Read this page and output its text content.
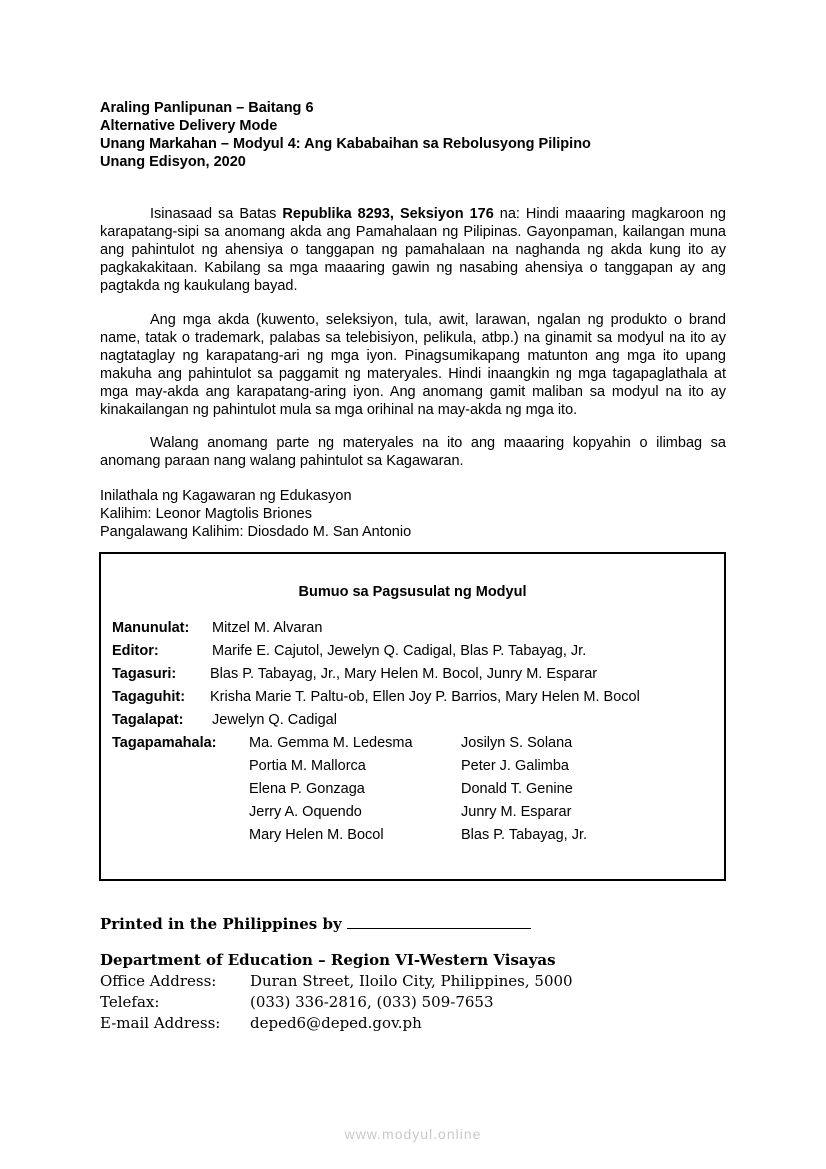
Araling Panlipunan – Baitang 6
Alternative Delivery Mode
Unang Markahan – Modyul 4: Ang Kababaihan sa Rebolusyong Pilipino
Unang Edisyon, 2020
Isinasaad sa Batas Republika 8293, Seksiyon 176 na: Hindi maaaring magkaroon ng karapatang-sipi sa anomang akda ang Pamahalaan ng Pilipinas. Gayonpaman, kailangan muna ang pahintulot ng ahensiya o tanggapan ng pamahalaan na naghanda ng akda kung ito ay pagkakakitaan. Kabilang sa mga maaaring gawin ng nasabing ahensiya o tanggapan ay ang pagtakda ng kaukulang bayad.
Ang mga akda (kuwento, seleksiyon, tula, awit, larawan, ngalan ng produkto o brand name, tatak o trademark, palabas sa telebisiyon, pelikula, atbp.) na ginamit sa modyul na ito ay nagtataglay ng karapatang-ari ng mga iyon. Pinagsumikapang matunton ang mga ito upang makuha ang pahintulot sa paggamit ng materyales. Hindi inaangkin ng mga tagapaglathala at mga may-akda ang karapatang-aring iyon. Ang anomang gamit maliban sa modyul na ito ay kinakailangan ng pahintulot mula sa mga orihinal na may-akda ng mga ito.
Walang anomang parte ng materyales na ito ang maaaring kopyahin o ilimbag sa anomang paraan nang walang pahintulot sa Kagawaran.
Inilathala ng Kagawaran ng Edukasyon
Kalihim: Leonor Magtolis Briones
Pangalawang Kalihim: Diosdado M. San Antonio
Bumuo sa Pagsusulat ng Modyul
Manunulat: Mitzel M. Alvaran
Editor:	Marife E. Cajutol, Jewelyn Q. Cadigal, Blas P. Tabayag, Jr.
Tagasuri: Blas P. Tabayag, Jr., Mary Helen M. Bocol, Junry M. Esparar
Tagaguhit: Krisha Marie T. Paltu-ob, Ellen Joy P. Barrios, Mary Helen M. Bocol
Tagalapat: Jewelyn Q. Cadigal
Tagapamahala: Ma. Gemma M. Ledesma
Portia M. Mallorca
Elena P. Gonzaga
Jerry A. Oquendo
Mary Helen M. Bocol
Josilyn S. Solana
Peter J. Galimba
Donald T. Genine
Junry M. Esparar
Blas P. Tabayag, Jr.
Printed in the Philippines by
Department of Education – Region VI-Western Visayas
Office Address: Duran Street, Iloilo City, Philippines, 5000
Telefax:	(033) 336-2816, (033) 509-7653
E-mail Address: deped6@deped.gov.ph
www.modyul.online
